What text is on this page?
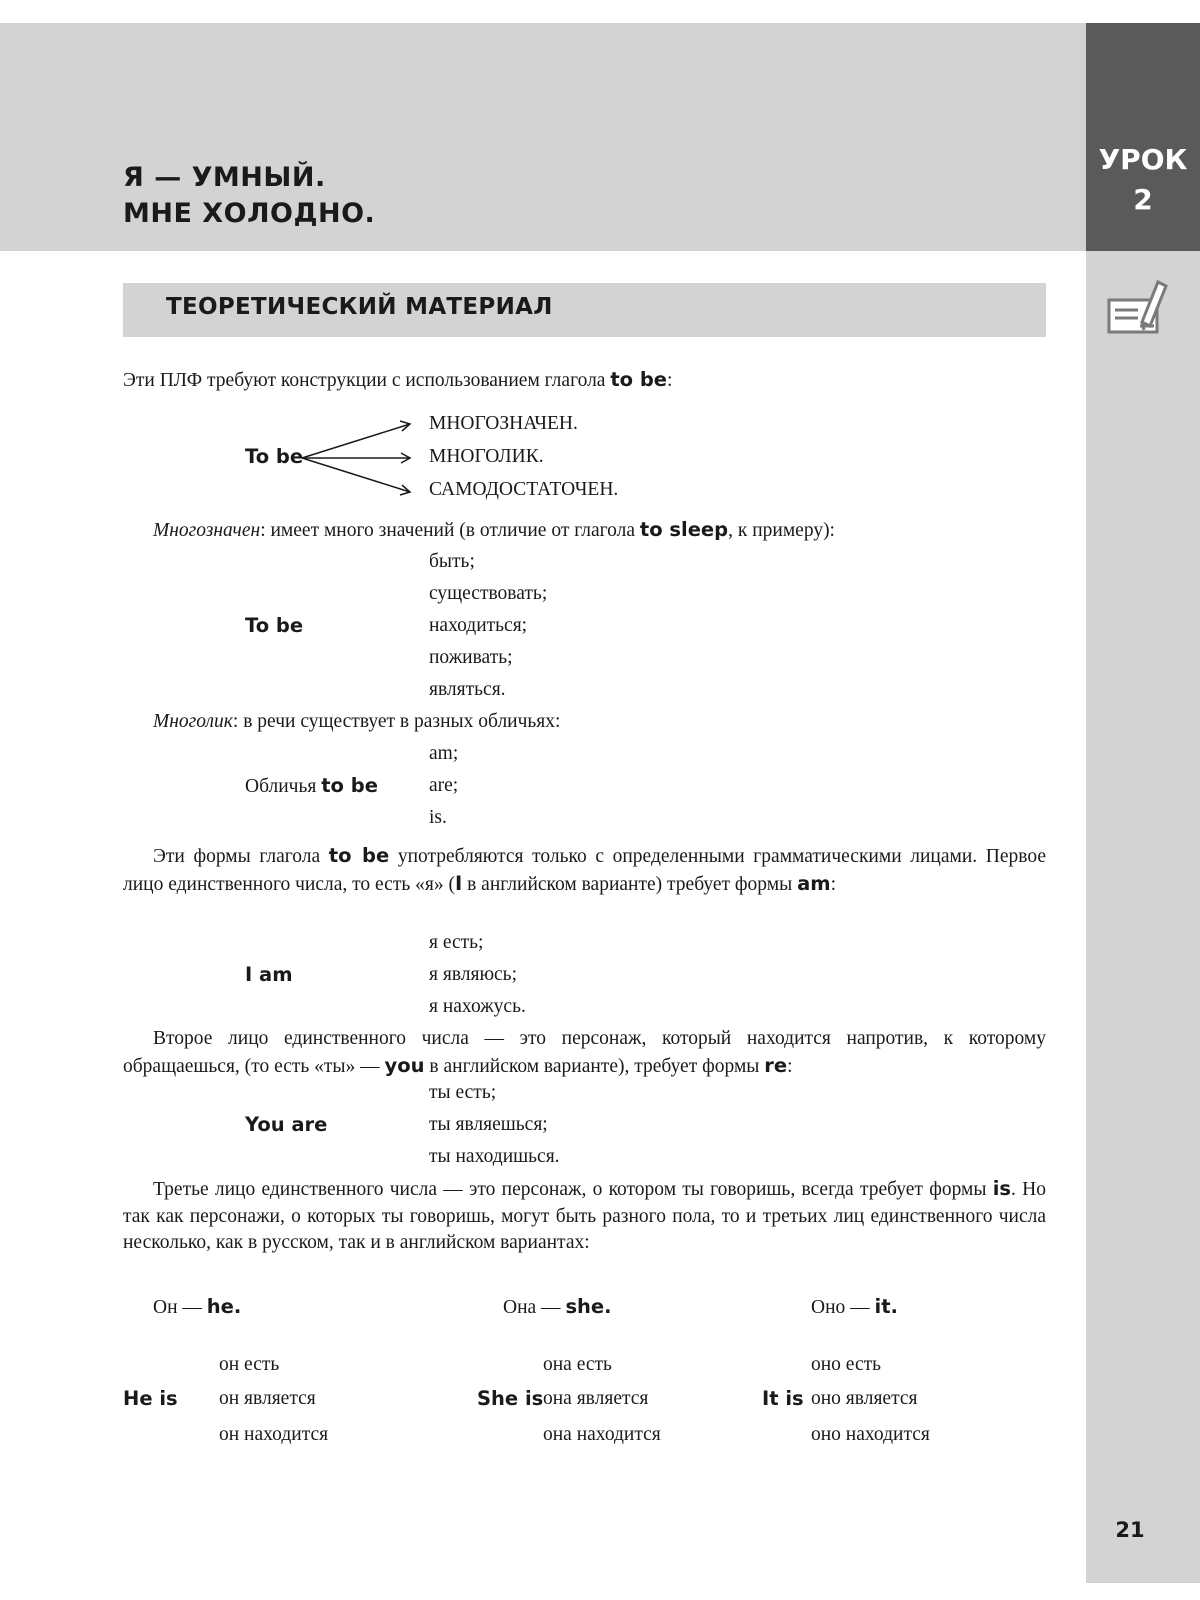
Я — УМНЫЙ.
МНЕ ХОЛОДНО.
УРОК
2
21
ТЕОРЕТИЧЕСКИЙ МАТЕРИАЛ
Эти ПЛФ требуют конструкции с использованием глагола to be:
To be
МНОГОЗНАЧЕН.
МНОГОЛИК.
САМОДОСТАТОЧЕН.
Многозначен: имеет много значений (в отличие от глагола to sleep, к примеру):
To be
быть;
существовать;
находиться;
поживать;
являться.
Многолик: в речи существует в разных обличьях:
Обличья to be
am;
are;
is.
Эти формы глагола to be употребляются только с определенными грамматическими лицами. Первое лицо единственного числа, то есть «я» (I в английском варианте) требует формы am:
I am
я есть;
я являюсь;
я нахожусь.
Второе лицо единственного числа — это персонаж, который находится напротив, к которому обращаешься, (то есть «ты» — you в английском варианте), требует формы re:
You are
ты есть;
ты являешься;
ты находишься.
Третье лицо единственного числа — это персонаж, о котором ты говоришь, всегда требует формы is. Но так как персонажи, о которых ты говоришь, могут быть разного пола, то и третьих лиц единственного числа несколько, как в русском, так и в английском вариантах:
Он — he.	Она — she.	Оно — it.
He is
он есть
он является
он находится
She is
она есть
она является
она находится
It is
оно есть
оно является
оно находится
